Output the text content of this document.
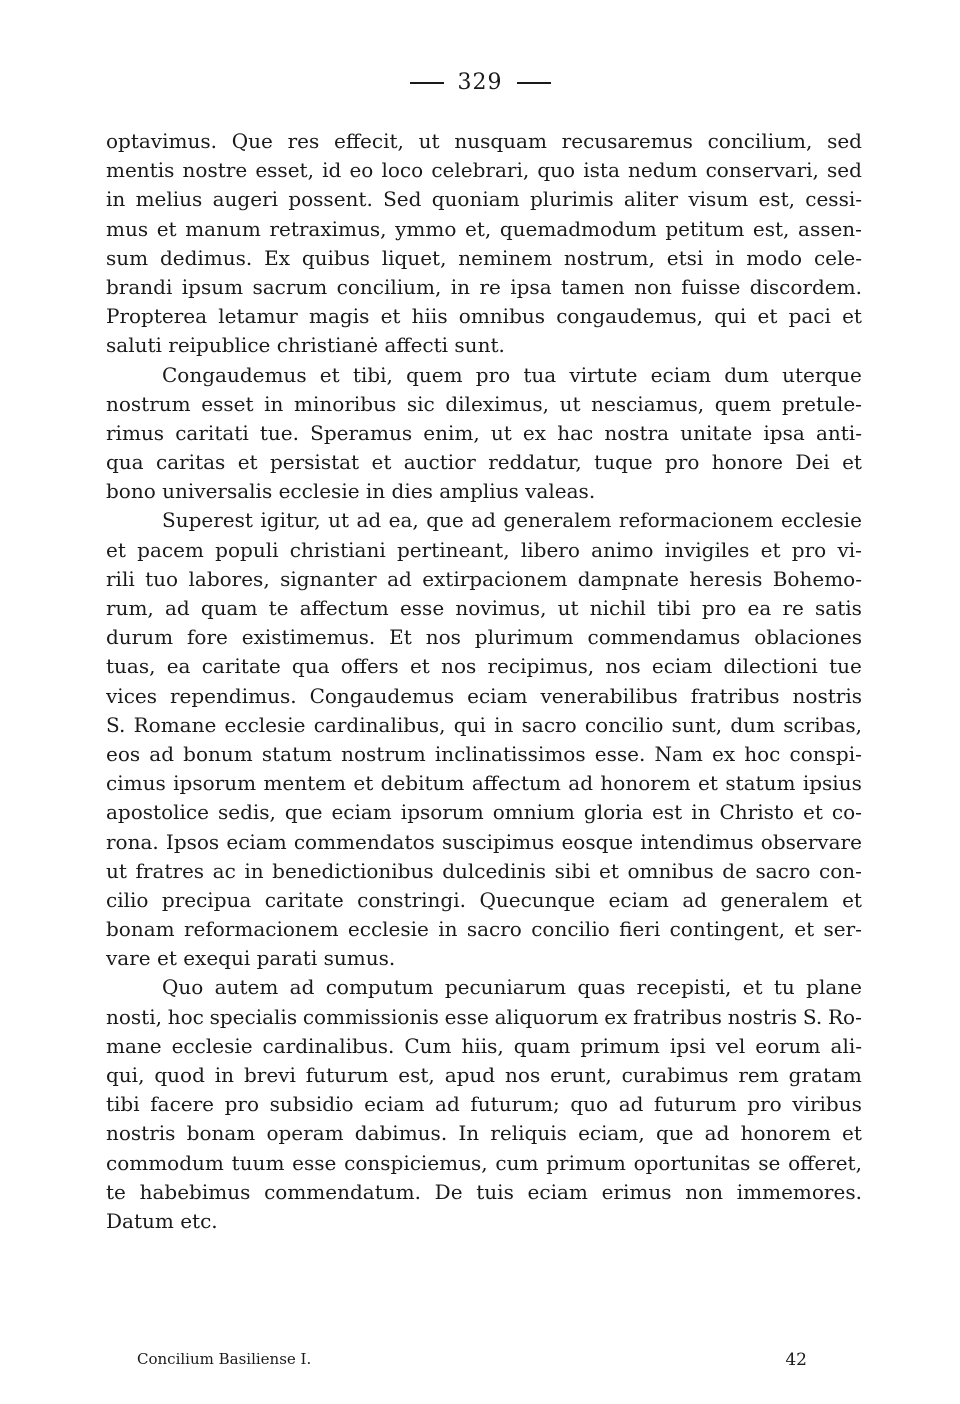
329
optavimus. Que res effecit, ut nusquam recusaremus concilium, sed
mentis nostre esset, id eo loco celebrari, quo ista nedum conservari, sed
in melius augeri possent. Sed quoniam plurimis aliter visum est, cessi-
mus et manum retraximus, ymmo et, quemadmodum petitum est, assen-
sum dedimus. Ex quibus liquet, neminem nostrum, etsi in modo cele-
brandi ipsum sacrum concilium, in re ipsa tamen non fuisse discordem.
Propterea letamur magis et hiis omnibus congaudemus, qui et paci et
saluti reipublice christianė affecti sunt.
Congaudemus et tibi, quem pro tua virtute eciam dum uterque
nostrum esset in minoribus sic dileximus, ut nesciamus, quem pretule-
rimus caritati tue. Speramus enim, ut ex hac nostra unitate ipsa anti-
qua caritas et persistat et auctior reddatur, tuque pro honore Dei et
bono universalis ecclesie in dies amplius valeas.
Superest igitur, ut ad ea, que ad generalem reformacionem ecclesie
et pacem populi christiani pertineant, libero animo invigiles et pro vi-
rili tuo labores, signanter ad extirpacionem dampnate heresis Bohemo-
rum, ad quam te affectum esse novimus, ut nichil tibi pro ea re satis
durum fore existimemus. Et nos plurimum commendamus oblaciones
tuas, ea caritate qua offers et nos recipimus, nos eciam dilectioni tue
vices rependimus. Congaudemus eciam venerabilibus fratribus nostris
S. Romane ecclesie cardinalibus, qui in sacro concilio sunt, dum scribas,
eos ad bonum statum nostrum inclinatissimos esse. Nam ex hoc conspi-
cimus ipsorum mentem et debitum affectum ad honorem et statum ipsius
apostolice sedis, que eciam ipsorum omnium gloria est in Christo et co-
rona. Ipsos eciam commendatos suscipimus eosque intendimus observare
ut fratres ac in benedictionibus dulcedinis sibi et omnibus de sacro con-
cilio precipua caritate constringi. Quecunque eciam ad generalem et
bonam reformacionem ecclesie in sacro concilio fieri contingent, et ser-
vare et exequi parati sumus.
Quo autem ad computum pecuniarum quas recepisti, et tu plane
nosti, hoc specialis commissionis esse aliquorum ex fratribus nostris S. Ro-
mane ecclesie cardinalibus. Cum hiis, quam primum ipsi vel eorum ali-
qui, quod in brevi futurum est, apud nos erunt, curabimus rem gratam
tibi facere pro subsidio eciam ad futurum; quo ad futurum pro viribus
nostris bonam operam dabimus. In reliquis eciam, que ad honorem et
commodum tuum esse conspiciemus, cum primum oportunitas se offeret,
te habebimus commendatum. De tuis eciam erimus non immemores.
Datum etc.
Concilium Basiliense I.	42
